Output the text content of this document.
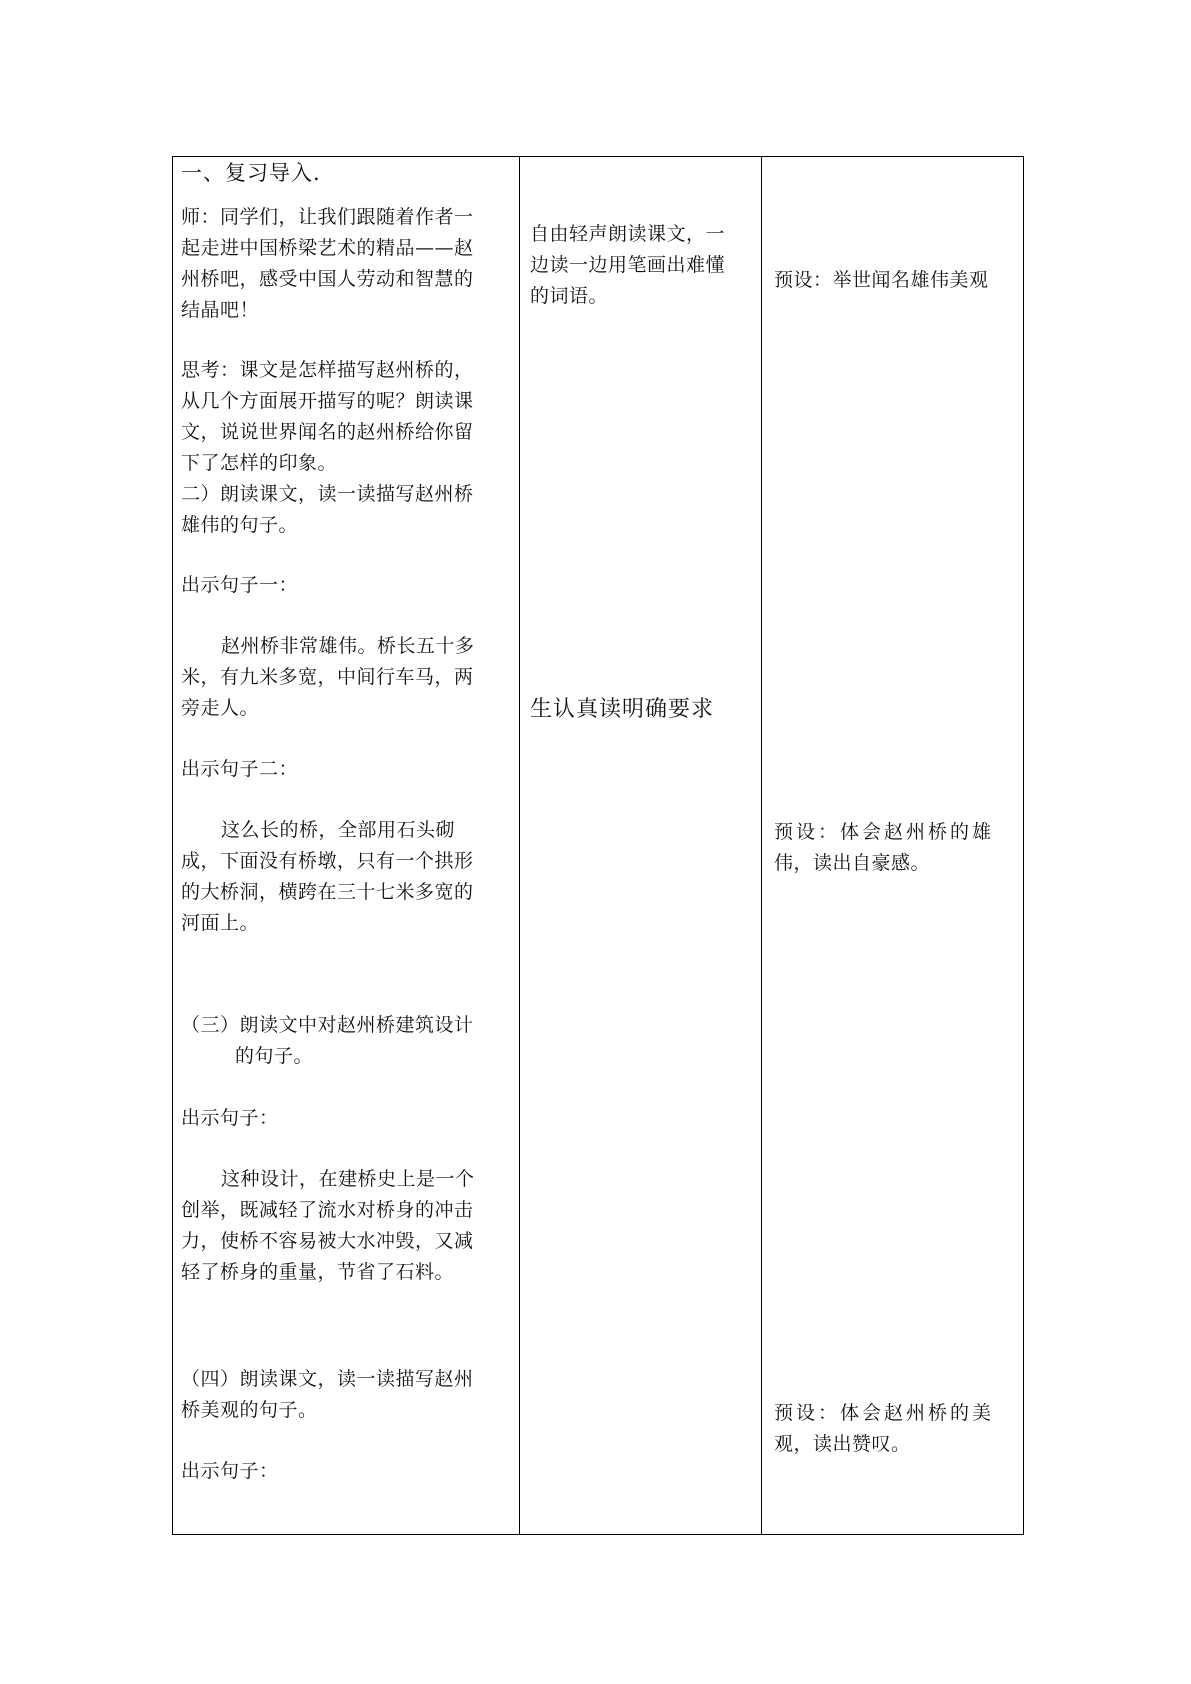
一、复习导入.
师：同学们，让我们跟随着作者一
起走进中国桥梁艺术的精品——赵
州桥吧，感受中国人劳动和智慧的
结晶吧！
思考：课文是怎样描写赵州桥的，
从几个方面展开描写的呢？朗读课
文，说说世界闻名的赵州桥给你留
下了怎样的印象。
二）朗读课文，读一读描写赵州桥
雄伟的句子。
出示句子一：
赵州桥非常雄伟。桥长五十多
米，有九米多宽，中间行车马，两
旁走人。
出示句子二：
这么长的桥，全部用石头砌
成，下面没有桥墩，只有一个拱形
的大桥洞，横跨在三十七米多宽的
河面上。
（三）朗读文中对赵州桥建筑设计
的句子。
出示句子：
这种设计，在建桥史上是一个
创举，既减轻了流水对桥身的冲击
力，使桥不容易被大水冲毁，又减
轻了桥身的重量，节省了石料。
（四）朗读课文，读一读描写赵州
桥美观的句子。
出示句子：
自由轻声朗读课文，一
边读一边用笔画出难懂
的词语。
生认真读明确要求
预设：举世闻名雄伟美观
预设：体会赵州桥的雄
伟，读出自豪感。
预设：体会赵州桥的美
观，读出赞叹。
